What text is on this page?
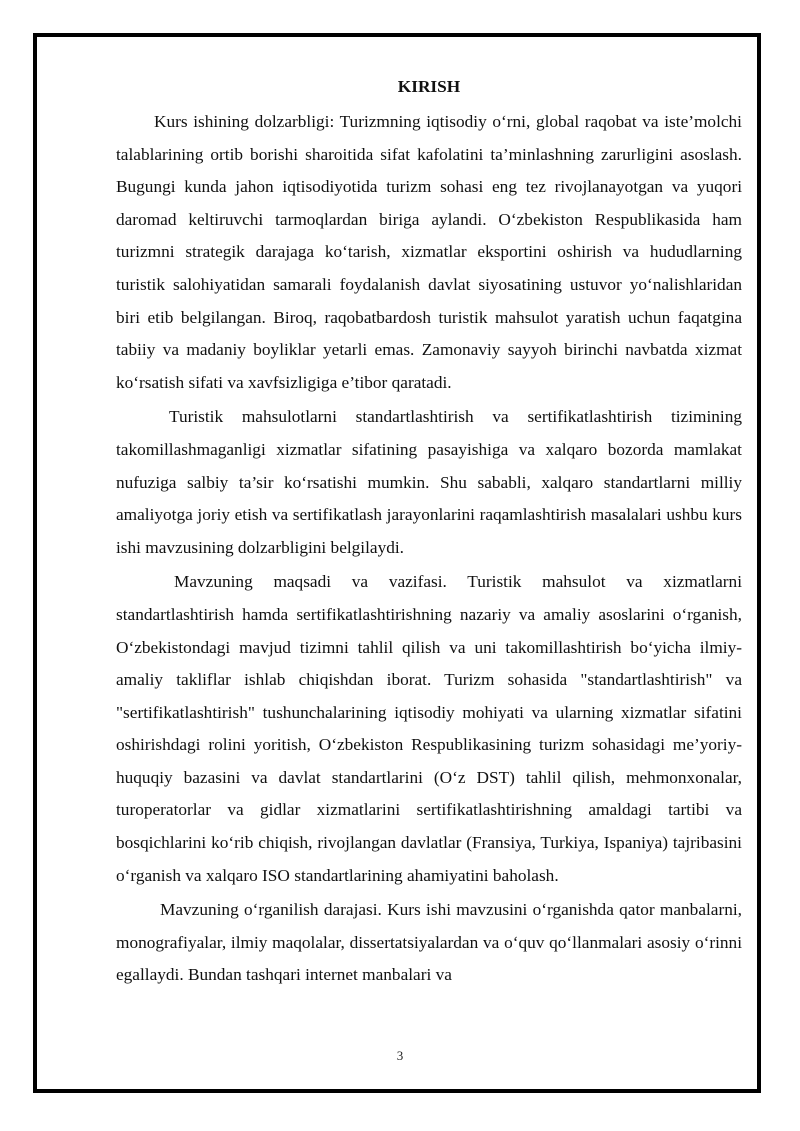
KIRISH

Kurs ishining dolzarbligi: Turizmning iqtisodiy o‘rni, global raqobat va iste’molchi talablarining ortib borishi sharoitida sifat kafolatini ta’minlashning zarurligini asoslash. Bugungi kunda jahon iqtisodiyotida turizm sohasi eng tez rivojlanayotgan va yuqori daromad keltiruvchi tarmoqlardan biriga aylandi. O‘zbekiston Respublikasida ham turizmni strategik darajaga ko‘tarish, xizmatlar eksportini oshirish va hududlarning turistik salohiyatidan samarali foydalanish davlat siyosatining ustuvor yo‘nalishlaridan biri etib belgilangan. Biroq, raqobatbardosh turistik mahsulot yaratish uchun faqatgina tabiiy va madaniy boyliklar yetarli emas. Zamonaviy sayyoh birinchi navbatda xizmat ko‘rsatish sifati va xavfsizligiga e’tibor qaratadi.

Turistik mahsulotlarni standartlashtirish va sertifikatlashtirish tizimining takomillashmaganligi xizmatlar sifatining pasayishiga va xalqaro bozorda mamlakat nufuziga salbiy ta’sir ko‘rsatishi mumkin. Shu sababli, xalqaro standartlarni milliy amaliyotga joriy etish va sertifikatlash jarayonlarini raqamlashtirish masalalari ushbu kurs ishi mavzusining dolzarbligini belgilaydi.

Mavzuning maqsadi va vazifasi. Turistik mahsulot va xizmatlarni standartlashtirish hamda sertifikatlashtirishning nazariy va amaliy asoslarini o‘rganish, O‘zbekistondagi mavjud tizimni tahlil qilish va uni takomillashtirish bo‘yicha ilmiy-amaliy takliflar ishlab chiqishdan iborat. Turizm sohasida "standartlashtirish" va "sertifikatlashtirish" tushunchalarining iqtisodiy mohiyati va ularning xizmatlar sifatini oshirishdagi rolini yoritish, O‘zbekiston Respublikasining turizm sohasidagi me’yoriy-huquqiy bazasini va davlat standartlarini (O‘z DST) tahlil qilish, mehmonxonalar, turoperatorlar va gidlar xizmatlarini sertifikatlashtirishning amaldagi tartibi va bosqichlarini ko‘rib chiqish, rivojlangan davlatlar (Fransiya, Turkiya, Ispaniya) tajribasini o‘rganish va xalqaro ISO standartlarining ahamiyatini baholash.

Mavzuning o‘rganilish darajasi. Kurs ishi mavzusini o‘rganishda qator manbalarni, monografiyalar, ilmiy maqolalar, dissertatsiyalardan va o‘quv qo‘llanmalari asosiy o‘rinni egallaydi. Bundan tashqari internet manbalari va

3
